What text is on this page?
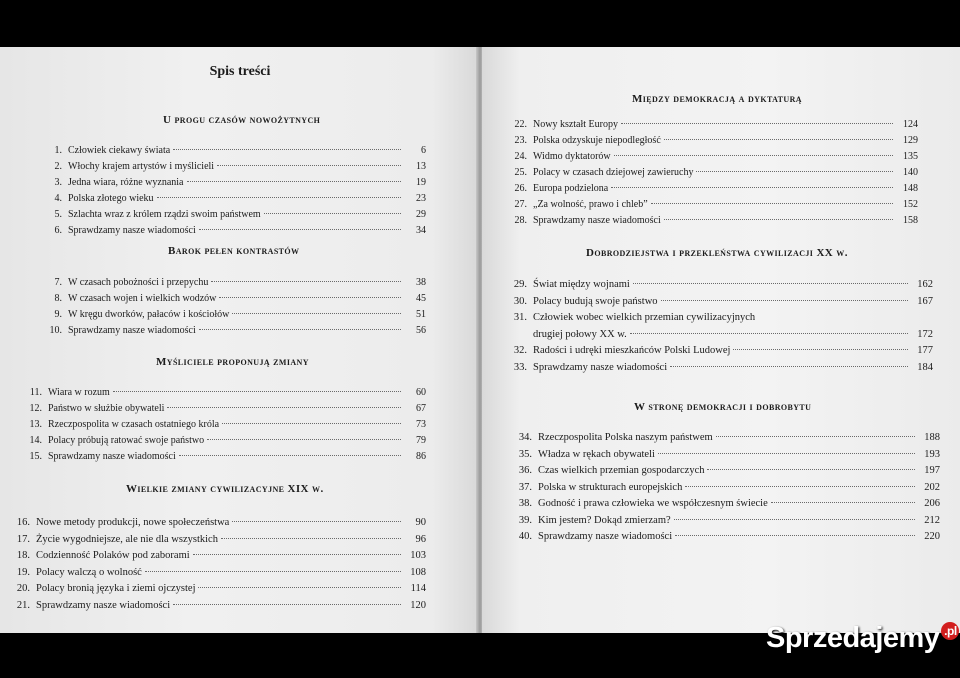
Spis treści
U progu czasów nowożytnych
1. Człowiek ciekawy świata	6
2. Włochy krajem artystów i myślicieli	13
3. Jedna wiara, różne wyznania	19
4. Polska złotego wieku	23
5. Szlachta wraz z królem rządzi swoim państwem	29
6. Sprawdzamy nasze wiadomości	34
Barok pełen kontrastów
7. W czasach pobożności i przepychu	38
8. W czasach wojen i wielkich wodzów	45
9. W kręgu dworków, pałaców i kościołów	51
10. Sprawdzamy nasze wiadomości	56
Myśliciele proponują zmiany
11. Wiara w rozum	60
12. Państwo w służbie obywateli	67
13. Rzeczpospolita w czasach ostatniego króla	73
14. Polacy próbują ratować swoje państwo	79
15. Sprawdzamy nasze wiadomości	86
Wielkie zmiany cywilizacyjne XIX w.
16. Nowe metody produkcji, nowe społeczeństwa	90
17. Życie wygodniejsze, ale nie dla wszystkich	96
18. Codzienność Polaków pod zaborami	103
19. Polacy walczą o wolność	108
20. Polacy bronią języka i ziemi ojczystej	114
21. Sprawdzamy nasze wiadomości	120
Między demokracją a dyktaturą
22. Nowy kształt Europy	124
23. Polska odzyskuje niepodległość	129
24. Widmo dyktatorów	135
25. Polacy w czasach dziejowej zawieruchy	140
26. Europa podzielona	148
27. „Za wolność, prawo i chleb”	152
28. Sprawdzamy nasze wiadomości	158
Dobrodziejstwa i przekleństwa cywilizacji XX w.
29. Świat między wojnami	162
30. Polacy budują swoje państwo	167
31. Człowiek wobec wielkich przemian cywilizacyjnych
drugiej połowy XX w.	172
32. Radości i udręki mieszkańców Polski Ludowej	177
33. Sprawdzamy nasze wiadomości	184
W stronę demokracji i dobrobytu
34. Rzeczpospolita Polska naszym państwem	188
35. Władza w rękach obywateli	193
36. Czas wielkich przemian gospodarczych	197
37. Polska w strukturach europejskich	202
38. Godność i prawa człowieka we współczesnym świecie	206
39. Kim jestem? Dokąd zmierzam?	212
40. Sprawdzamy nasze wiadomości	220
Sprzedajemy .pl
